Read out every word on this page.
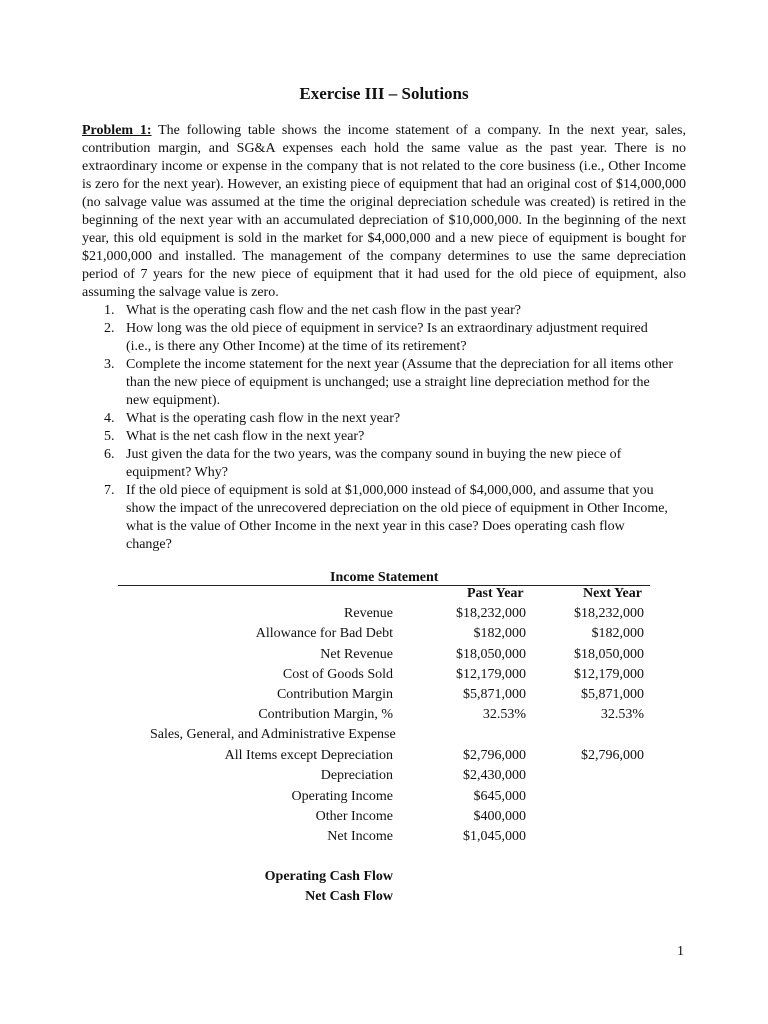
Exercise III – Solutions
Problem 1: The following table shows the income statement of a company. In the next year, sales, contribution margin, and SG&A expenses each hold the same value as the past year. There is no extraordinary income or expense in the company that is not related to the core business (i.e., Other Income is zero for the next year). However, an existing piece of equipment that had an original cost of $14,000,000 (no salvage value was assumed at the time the original depreciation schedule was created) is retired in the beginning of the next year with an accumulated depreciation of $10,000,000. In the beginning of the next year, this old equipment is sold in the market for $4,000,000 and a new piece of equipment is bought for $21,000,000 and installed. The management of the company determines to use the same depreciation period of 7 years for the new piece of equipment that it had used for the old piece of equipment, also assuming the salvage value is zero.
1. What is the operating cash flow and the net cash flow in the past year?
2. How long was the old piece of equipment in service? Is an extraordinary adjustment required (i.e., is there any Other Income) at the time of its retirement?
3. Complete the income statement for the next year (Assume that the depreciation for all items other than the new piece of equipment is unchanged; use a straight line depreciation method for the new equipment).
4. What is the operating cash flow in the next year?
5. What is the net cash flow in the next year?
6. Just given the data for the two years, was the company sound in buying the new piece of equipment? Why?
7. If the old piece of equipment is sold at $1,000,000 instead of $4,000,000, and assume that you show the impact of the unrecovered depreciation on the old piece of equipment in Other Income, what is the value of Other Income in the next year in this case? Does operating cash flow change?
Income Statement
Past Year	Next Year
Revenue	$18,232,000	$18,232,000
Allowance for Bad Debt	$182,000	$182,000
Net Revenue	$18,050,000	$18,050,000
Cost of Goods Sold	$12,179,000	$12,179,000
Contribution Margin	$5,871,000	$5,871,000
Contribution Margin, %	32.53%	32.53%
Sales, General, and Administrative Expense
All Items except Depreciation	$2,796,000	$2,796,000
Depreciation	$2,430,000
Operating Income	$645,000
Other Income	$400,000
Net Income	$1,045,000
Operating Cash Flow
Net Cash Flow
1
